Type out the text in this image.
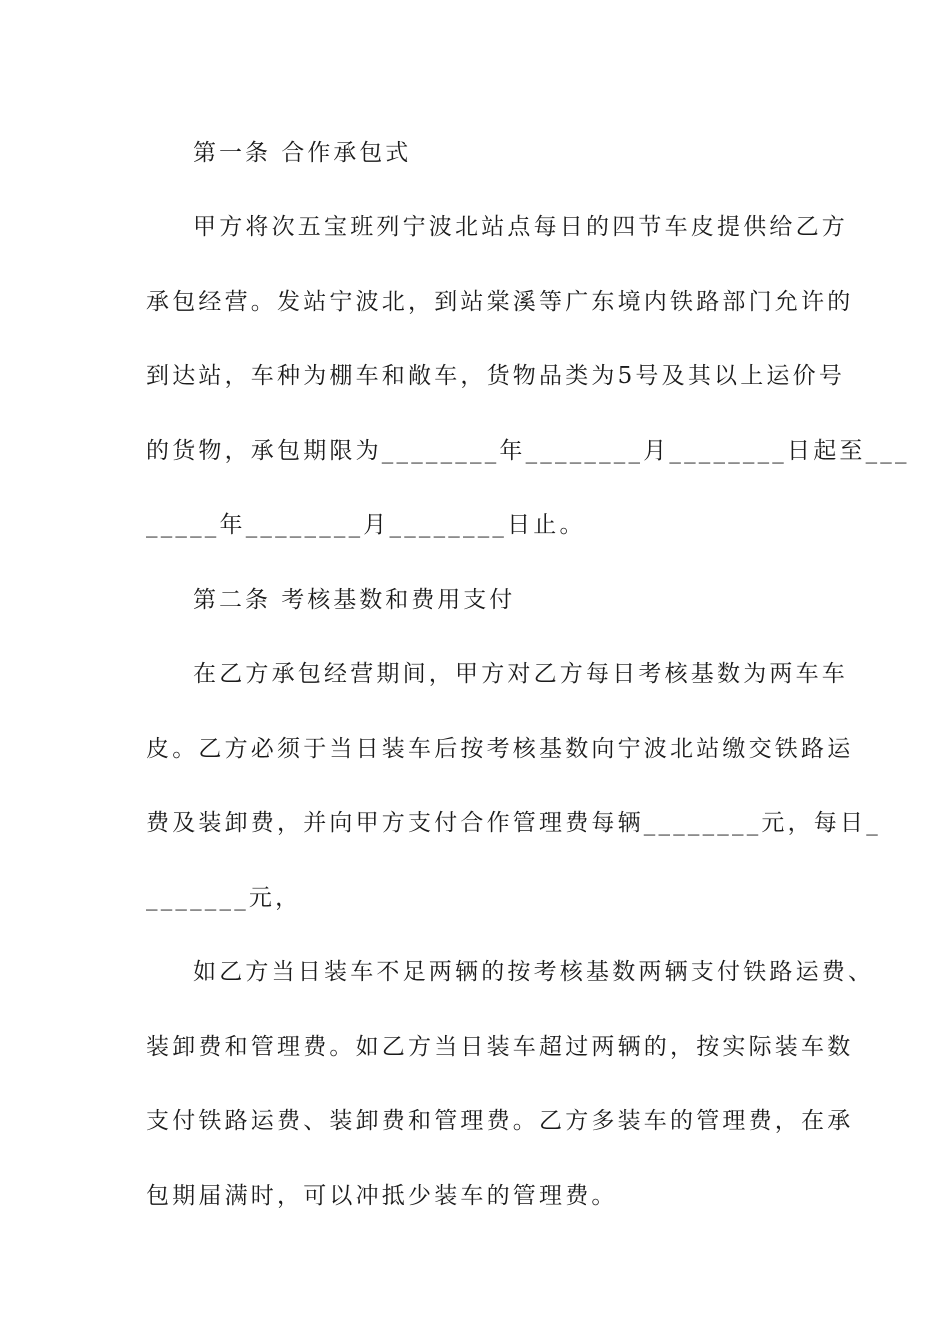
第一条 合作承包式
甲方将次五宝班列宁波北站点每日的四节车皮提供给乙方
承包经营。发站宁波北，到站棠溪等广东境内铁路部门允许的
到达站，车种为棚车和敞车，货物品类为5号及其以上运价号
的货物，承包期限为________年________月________日起至___
_____年________月________日止。
第二条 考核基数和费用支付
在乙方承包经营期间，甲方对乙方每日考核基数为两车车
皮。乙方必须于当日装车后按考核基数向宁波北站缴交铁路运
费及装卸费，并向甲方支付合作管理费每辆________元，每日_
_______元，
如乙方当日装车不足两辆的按考核基数两辆支付铁路运费、
装卸费和管理费。如乙方当日装车超过两辆的，按实际装车数
支付铁路运费、装卸费和管理费。乙方多装车的管理费，在承
包期届满时，可以冲抵少装车的管理费。
